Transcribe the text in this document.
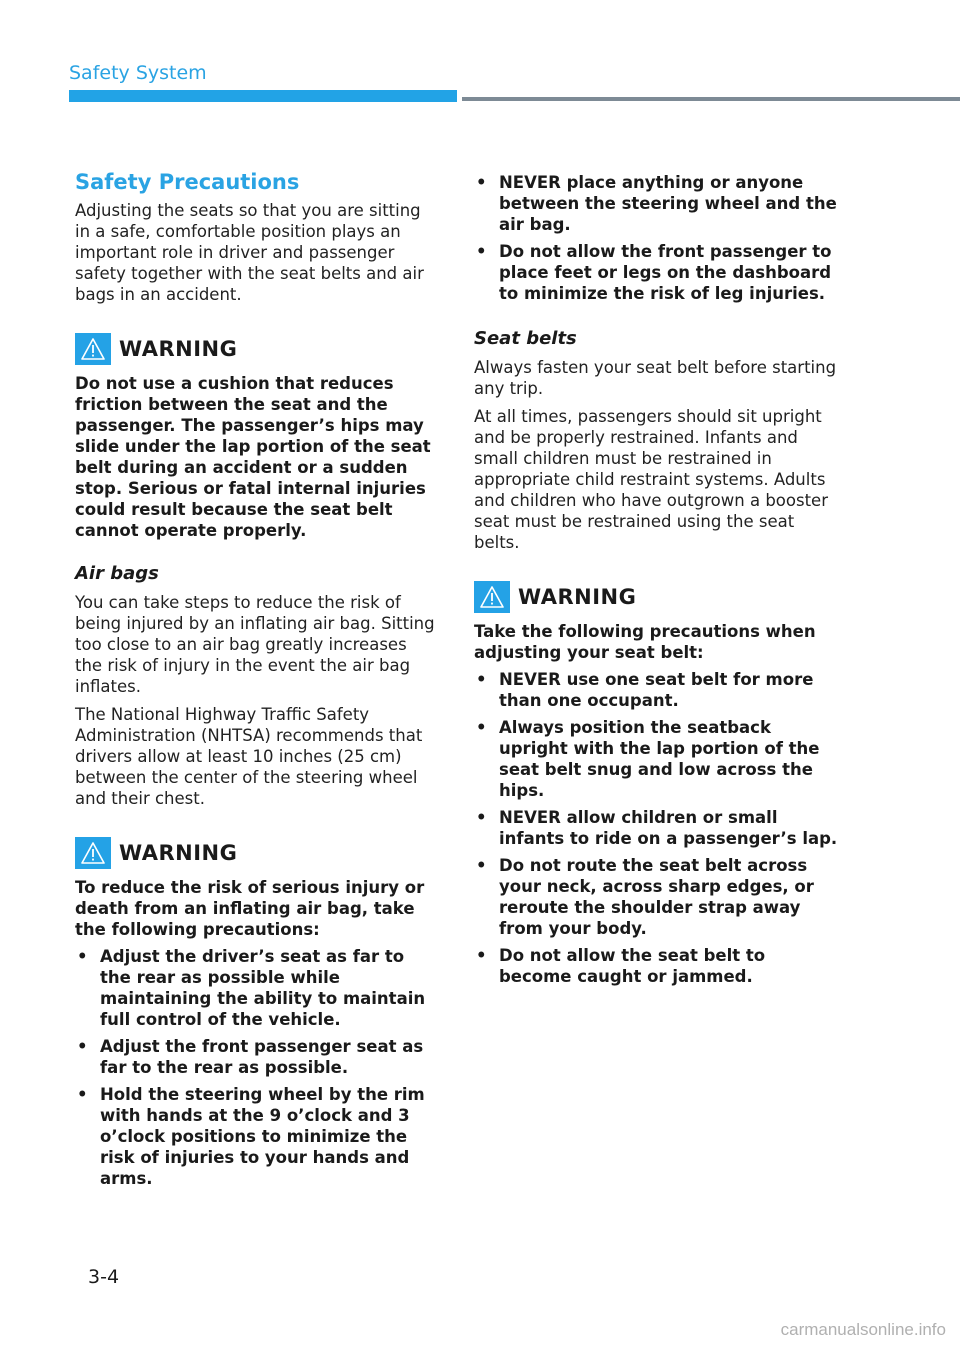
Safety System
Safety Precautions

Adjusting the seats so that you are sitting in a safe, comfortable position plays an important role in driver and passenger safety together with the seat belts and air bags in an accident.

WARNING

Do not use a cushion that reduces friction between the seat and the passenger. The passenger’s hips may slide under the lap portion of the seat belt during an accident or a sudden stop. Serious or fatal internal injuries could result because the seat belt cannot operate properly.

Air bags

You can take steps to reduce the risk of being injured by an inflating air bag. Sitting too close to an air bag greatly increases the risk of injury in the event the air bag inflates.

The National Highway Traffic Safety Administration (NHTSA) recommends that drivers allow at least 10 inches (25 cm) between the center of the steering wheel and their chest.

WARNING

To reduce the risk of serious injury or death from an inflating air bag, take the following precautions:

• Adjust the driver’s seat as far to the rear as possible while maintaining the ability to maintain full control of the vehicle.
• Adjust the front passenger seat as far to the rear as possible.
• Hold the steering wheel by the rim with hands at the 9 o’clock and 3 o’clock positions to minimize the risk of injuries to your hands and arms.
• NEVER place anything or anyone between the steering wheel and the air bag.
• Do not allow the front passenger to place feet or legs on the dashboard to minimize the risk of leg injuries.
Seat belts

Always fasten your seat belt before starting any trip.

At all times, passengers should sit upright and be properly restrained. Infants and small children must be restrained in appropriate child restraint systems. Adults and children who have outgrown a booster seat must be restrained using the seat belts.

WARNING

Take the following precautions when adjusting your seat belt:

• NEVER use one seat belt for more than one occupant.
• Always position the seatback upright with the lap portion of the seat belt snug and low across the hips.
• NEVER allow children or small infants to ride on a passenger’s lap.
• Do not route the seat belt across your neck, across sharp edges, or reroute the shoulder strap away from your body.
• Do not allow the seat belt to become caught or jammed.
3-4
carmanualsonline.info
